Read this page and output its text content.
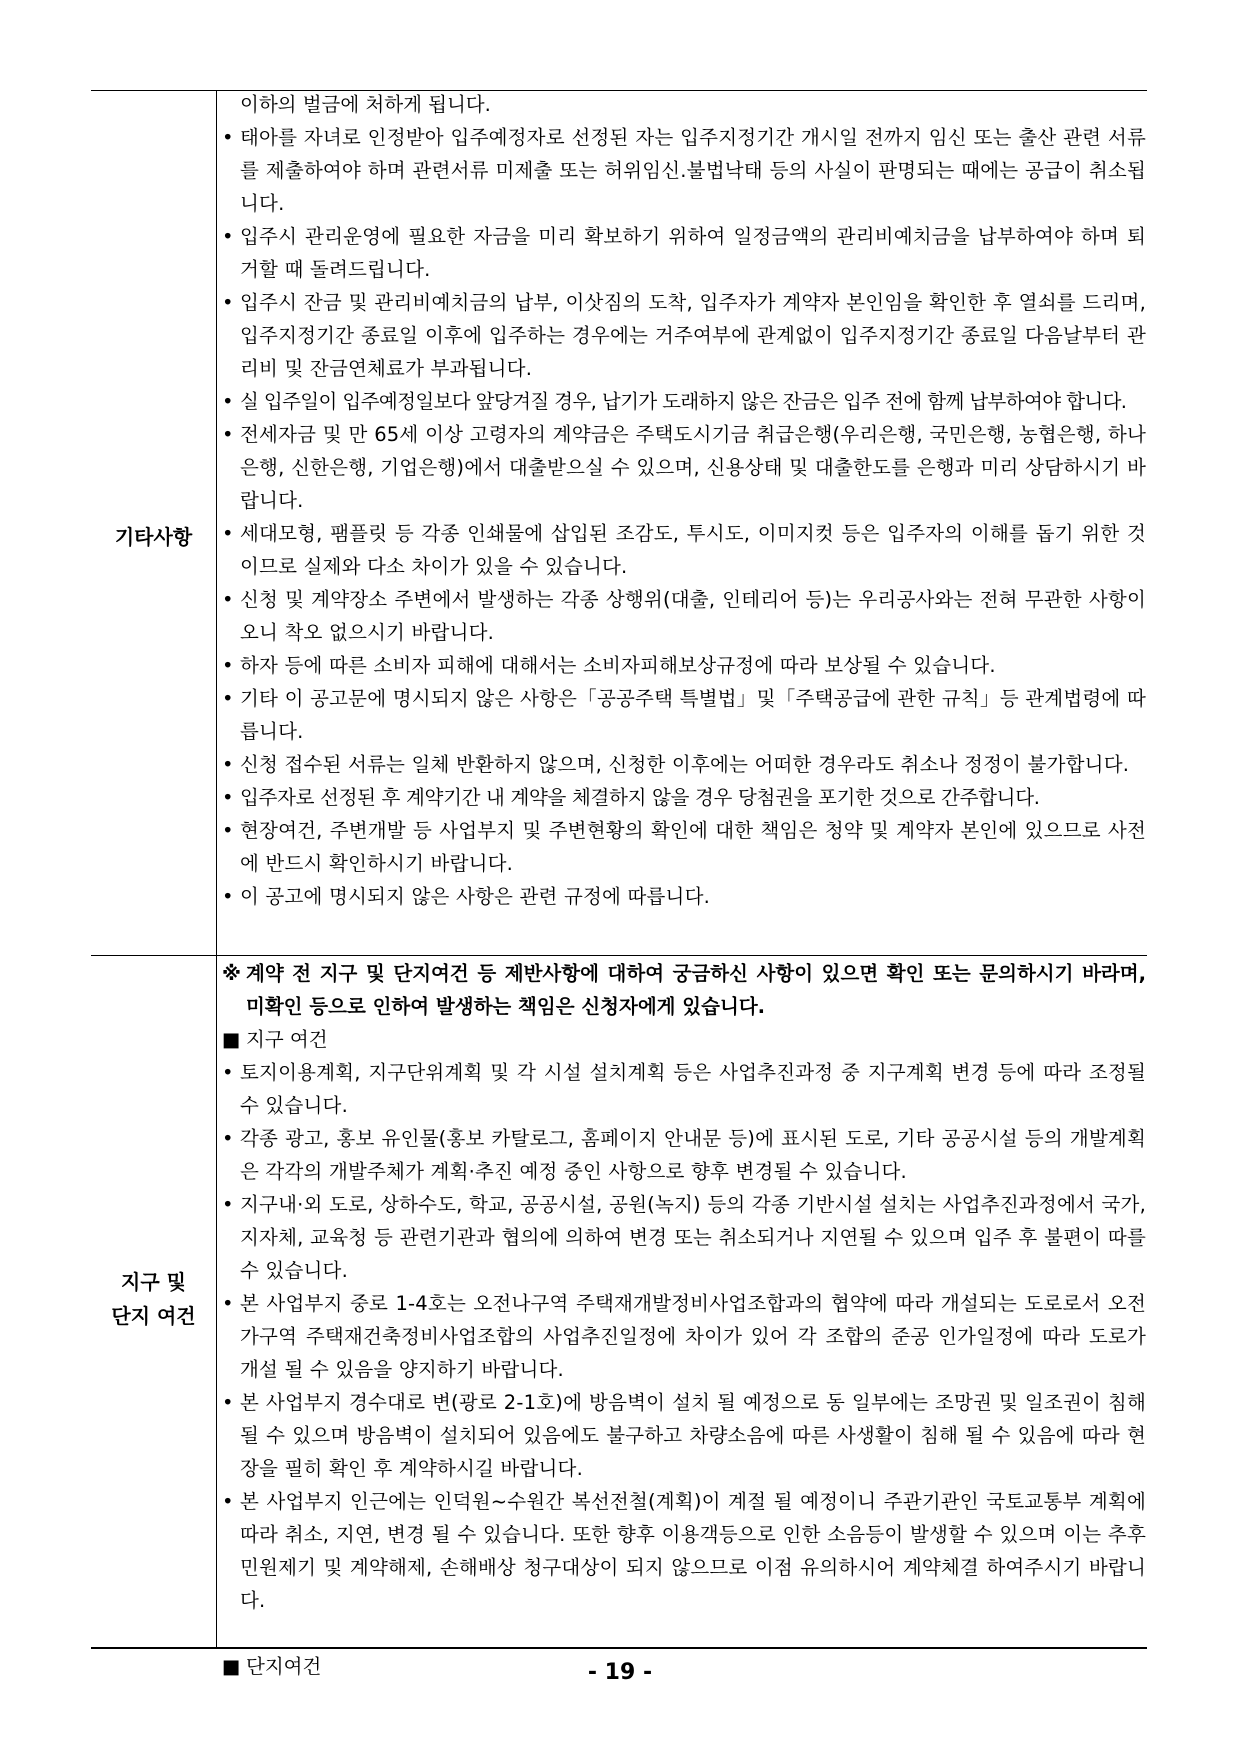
기타사항
이하의 벌금에 처하게 됩니다.
• 태아를 자녀로 인정받아 입주예정자로 선정된 자는 입주지정기간 개시일 전까지 임신 또는 출산 관련 서류를 제출하여야 하며 관련서류 미제출 또는 허위임신.불법낙태 등의 사실이 판명되는 때에는 공급이 취소됩니다.
• 입주시 관리운영에 필요한 자금을 미리 확보하기 위하여 일정금액의 관리비예치금을 납부하여야 하며 퇴거할 때 돌려드립니다.
• 입주시 잔금 및 관리비예치금의 납부, 이삿짐의 도착, 입주자가 계약자 본인임을 확인한 후 열쇠를 드리며, 입주지정기간 종료일 이후에 입주하는 경우에는 거주여부에 관계없이 입주지정기간 종료일 다음날부터 관리비 및 잔금연체료가 부과됩니다.
• 실 입주일이 입주예정일보다 앞당겨질 경우, 납기가 도래하지 않은 잔금은 입주 전에 함께 납부하여야 합니다.
• 전세자금 및 만 65세 이상 고령자의 계약금은 주택도시기금 취급은행(우리은행, 국민은행, 농협은행, 하나은행, 신한은행, 기업은행)에서 대출받으실 수 있으며, 신용상태 및 대출한도를 은행과 미리 상담하시기 바랍니다.
• 세대모형, 팸플릿 등 각종 인쇄물에 삽입된 조감도, 투시도, 이미지컷 등은 입주자의 이해를 돕기 위한 것이므로 실제와 다소 차이가 있을 수 있습니다.
• 신청 및 계약장소 주변에서 발생하는 각종 상행위(대출, 인테리어 등)는 우리공사와는 전혀 무관한 사항이오니 착오 없으시기 바랍니다.
• 하자 등에 따른 소비자 피해에 대해서는 소비자피해보상규정에 따라 보상될 수 있습니다.
• 기타 이 공고문에 명시되지 않은 사항은「공공주택 특별법」및「주택공급에 관한 규칙」등 관계법령에 따릅니다.
• 신청 접수된 서류는 일체 반환하지 않으며, 신청한 이후에는 어떠한 경우라도 취소나 정정이 불가합니다.
• 입주자로 선정된 후 계약기간 내 계약을 체결하지 않을 경우 당첨권을 포기한 것으로 간주합니다.
• 현장여건, 주변개발 등 사업부지 및 주변현황의 확인에 대한 책임은 청약 및 계약자 본인에 있으므로 사전에 반드시 확인하시기 바랍니다.
• 이 공고에 명시되지 않은 사항은 관련 규정에 따릅니다.
지구 및
단지 여건
※ 계약 전 지구 및 단지여건 등 제반사항에 대하여 궁금하신 사항이 있으면 확인 또는 문의하시기 바라며, 미확인 등으로 인하여 발생하는 책임은 신청자에게 있습니다.
■ 지구 여건
• 토지이용계획, 지구단위계획 및 각 시설 설치계획 등은 사업추진과정 중 지구계획 변경 등에 따라 조정될 수 있습니다.
• 각종 광고, 홍보 유인물(홍보 카탈로그, 홈페이지 안내문 등)에 표시된 도로, 기타 공공시설 등의 개발계획은 각각의 개발주체가 계획·추진 예정 중인 사항으로 향후 변경될 수 있습니다.
• 지구내·외 도로, 상하수도, 학교, 공공시설, 공원(녹지) 등의 각종 기반시설 설치는 사업추진과정에서 국가, 지자체, 교육청 등 관련기관과 협의에 의하여 변경 또는 취소되거나 지연될 수 있으며 입주 후 불편이 따를 수 있습니다.
• 본 사업부지 중로 1-4호는 오전나구역 주택재개발정비사업조합과의 협약에 따라 개설되는 도로로서 오전가구역 주택재건축정비사업조합의 사업추진일정에 차이가 있어 각 조합의 준공 인가일정에 따라 도로가 개설 될 수 있음을 양지하기 바랍니다.
• 본 사업부지 경수대로 변(광로 2-1호)에 방음벽이 설치 될 예정으로 동 일부에는 조망권 및 일조권이 침해될 수 있으며 방음벽이 설치되어 있음에도 불구하고 차량소음에 따른 사생활이 침해 될 수 있음에 따라 현장을 필히 확인 후 계약하시길 바랍니다.
• 본 사업부지 인근에는 인덕원~수원간 복선전철(계획)이 계절 될 예정이니 주관기관인 국토교통부 계획에 따라 취소, 지연, 변경 될 수 있습니다. 또한 향후 이용객등으로 인한 소음등이 발생할 수 있으며 이는 추후 민원제기 및 계약해제, 손해배상 청구대상이 되지 않으므로 이점 유의하시어 계약체결 하여주시기 바랍니다.
■ 단지여건	- 19 -
